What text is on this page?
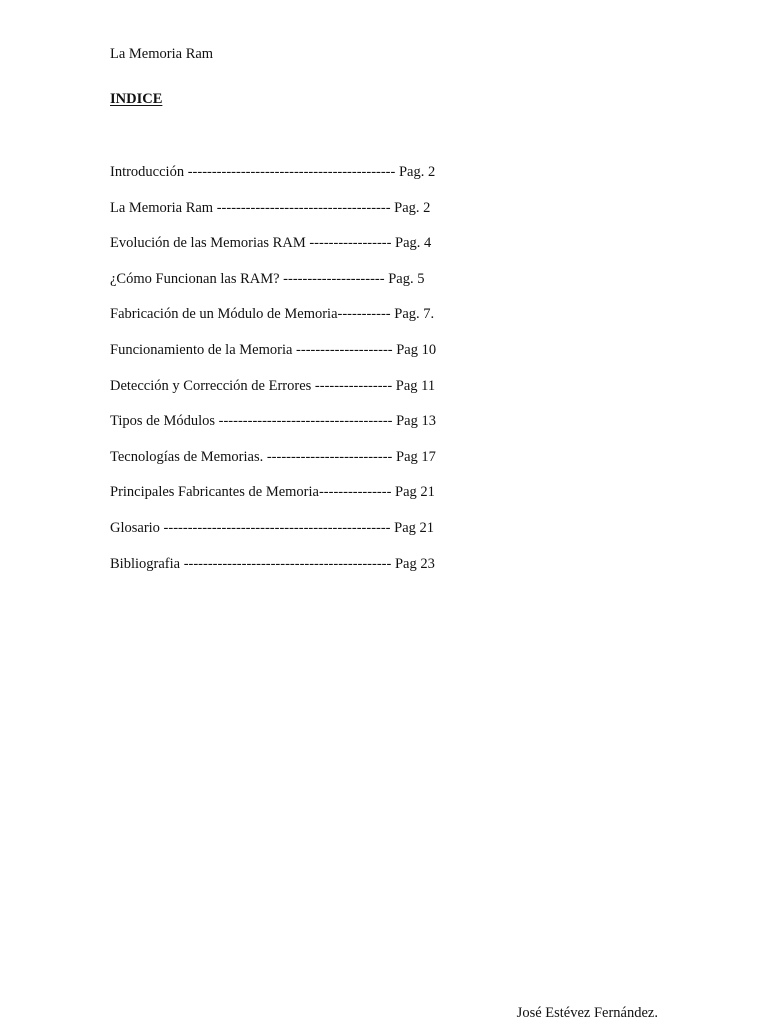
La Memoria Ram
INDICE
Introducción ------------------------------------------- Pag. 2
La Memoria Ram ------------------------------------ Pag. 2
Evolución de las Memorias RAM ----------------- Pag. 4
¿Cómo Funcionan las RAM? --------------------- Pag. 5
Fabricación de un Módulo de Memoria----------- Pag. 7.
Funcionamiento de la Memoria -------------------- Pag 10
Detección y Corrección de Errores ---------------- Pag 11
Tipos de Módulos ------------------------------------ Pag 13
Tecnologías de Memorias. -------------------------- Pag 17
Principales Fabricantes de Memoria--------------- Pag 21
Glosario ----------------------------------------------- Pag 21
Bibliografia ------------------------------------------- Pag 23
José Estévez Fernández.
